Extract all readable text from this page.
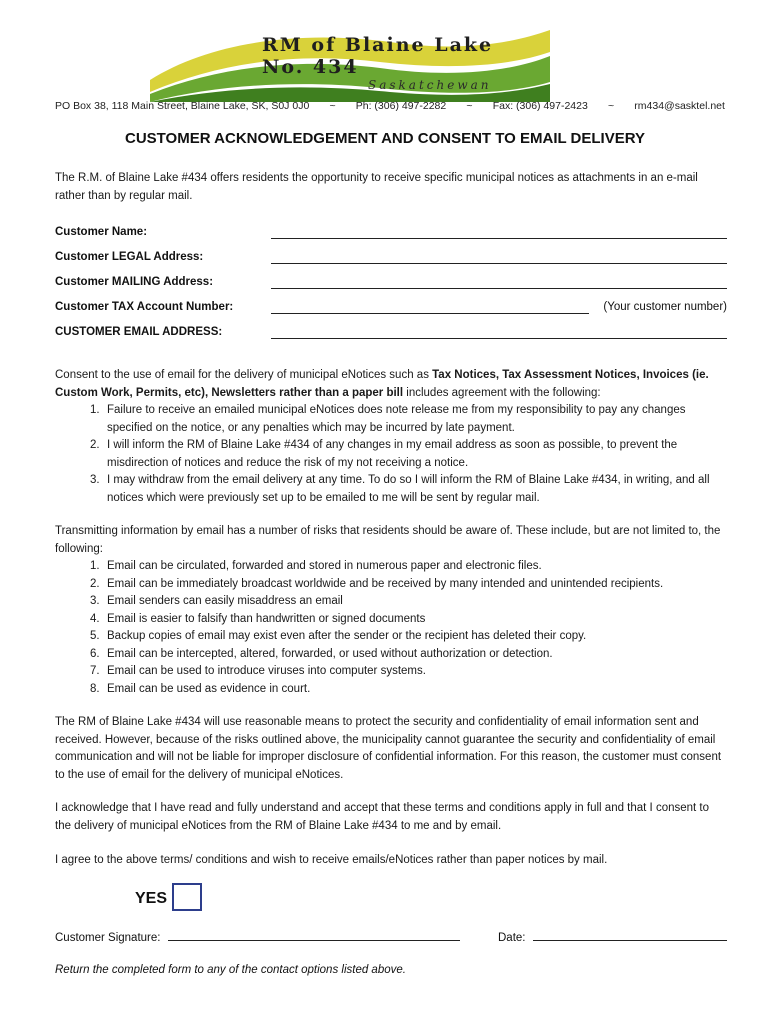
RM of Blaine Lake
No. 434
Saskatchewan
PO Box 38, 118 Main Street, Blaine Lake, SK, S0J 0J0 ~ Ph: (306) 497-2282 ~ Fax: (306) 497-2423 ~ rm434@sasktel.net
CUSTOMER ACKNOWLEDGEMENT AND CONSENT TO EMAIL DELIVERY
The R.M. of Blaine Lake #434 offers residents the opportunity to receive specific municipal notices as attachments in an e-mail rather than by regular mail.
Customer Name:
Customer LEGAL Address:
Customer MAILING Address:
Customer TAX Account Number:	(Your customer number)
CUSTOMER EMAIL ADDRESS:
Consent to the use of email for the delivery of municipal eNotices such as Tax Notices, Tax Assessment Notices, Invoices (ie. Custom Work, Permits, etc), Newsletters rather than a paper bill includes agreement with the following:
1. Failure to receive an emailed municipal eNotices does note release me from my responsibility to pay any changes specified on the notice, or any penalties which may be incurred by late payment.
2. I will inform the RM of Blaine Lake #434 of any changes in my email address as soon as possible, to prevent the misdirection of notices and reduce the risk of my not receiving a notice.
3. I may withdraw from the email delivery at any time. To do so I will inform the RM of Blaine Lake #434, in writing, and all notices which were previously set up to be emailed to me will be sent by regular mail.
Transmitting information by email has a number of risks that residents should be aware of. These include, but are not limited to, the following:
1. Email can be circulated, forwarded and stored in numerous paper and electronic files.
2. Email can be immediately broadcast worldwide and be received by many intended and unintended recipients.
3. Email senders can easily misaddress an email
4. Email is easier to falsify than handwritten or signed documents
5. Backup copies of email may exist even after the sender or the recipient has deleted their copy.
6. Email can be intercepted, altered, forwarded, or used without authorization or detection.
7. Email can be used to introduce viruses into computer systems.
8. Email can be used as evidence in court.
The RM of Blaine Lake #434 will use reasonable means to protect the security and confidentiality of email information sent and received. However, because of the risks outlined above, the municipality cannot guarantee the security and confidentiality of email communication and will not be liable for improper disclosure of confidential information. For this reason, the customer must consent to the use of email for the delivery of municipal eNotices.
I acknowledge that I have read and fully understand and accept that these terms and conditions apply in full and that I consent to the delivery of municipal eNotices from the RM of Blaine Lake #434 to me and by email.
I agree to the above terms/ conditions and wish to receive emails/eNotices rather than paper notices by mail.
YES
Customer Signature:	Date:
Return the completed form to any of the contact options listed above.
